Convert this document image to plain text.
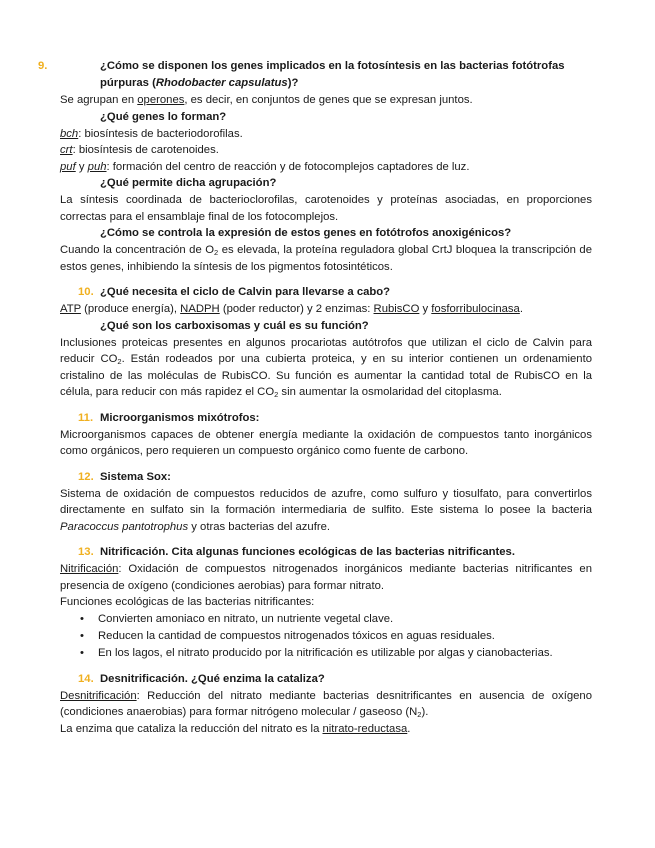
9.	¿Cómo se disponen los genes implicados en la fotosíntesis en las bacterias fotótrofas púrpuras (Rhodobacter capsulatus)?

Se agrupan en operones, es decir, en conjuntos de genes que se expresan juntos.

¿Qué genes lo forman?

bch: biosíntesis de bacteriodorofilas.

crt: biosíntesis de carotenoides.

puf y puh: formación del centro de reacción y de fotocomplejos captadores de luz.

¿Qué permite dicha agrupación?

La síntesis coordinada de bacterioclorofilas, carotenoides y proteínas asociadas, en proporciones correctas para el ensamblaje final de los fotocomplejos.

¿Cómo se controla la expresión de estos genes en fotótrofos anoxigénicos?

Cuando la concentración de $O_2$ es elevada, la proteína reguladora global CrtJ bloquea la transcripción de estos genes, inhibiendo la síntesis de los pigmentos fotosintéticos.

10. ¿Qué necesita el ciclo de Calvin para llevarse a cabo?

ATP (produce energía), NADPH (poder reductor) y 2 enzimas: RubisCO y fosforribulocinasa.

¿Qué son los carboxisomas y cuál es su función?

Inclusiones proteicas presentes en algunos procariotas autótrofos que utilizan el ciclo de Calvin para reducir $CO_2$. Están rodeados por una cubierta proteica, y en su interior contienen un ordenamiento cristalino de las moléculas de RubisCO. Su función es aumentar la cantidad total de RubisCO en la célula, para reducir con más rapidez el $CO_2$ sin aumentar la osmolaridad del citoplasma.

11. Microorganismos mixótrofos:

Microorganismos capaces de obtener energía mediante la oxidación de compuestos tanto inorgánicos como orgánicos, pero requieren un compuesto orgánico como fuente de carbono.

12. Sistema Sox:

Sistema de oxidación de compuestos reducidos de azufre, como sulfuro y tiosulfato, para convertirlos directamente en sulfato sin la formación intermediaria de sulfito. Este sistema lo posee la bacteria Paracoccus pantotrophus y otras bacterias del azufre.

13. Nitrificación. Cita algunas funciones ecológicas de las bacterias nitrificantes.

Nitrificación: Oxidación de compuestos nitrogenados inorgánicos mediante bacterias nitrificantes en presencia de oxígeno (condiciones aerobias) para formar nitrato.

Funciones ecológicas de las bacterias nitrificantes:

• Convierten amoniaco en nitrato, un nutriente vegetal clave.
• Reducen la cantidad de compuestos nitrogenados tóxicos en aguas residuales.
• En los lagos, el nitrato producido por la nitrificación es utilizable por algas y cianobacterias.

14. Desnitrificación. ¿Qué enzima la cataliza?

Desnitrificación: Reducción del nitrato mediante bacterias desnitrificantes en ausencia de oxígeno (condiciones anaerobias) para formar nitrógeno molecular / gaseoso $(N_2)$.

La enzima que cataliza la reducción del nitrato es la nitrato-reductasa.
